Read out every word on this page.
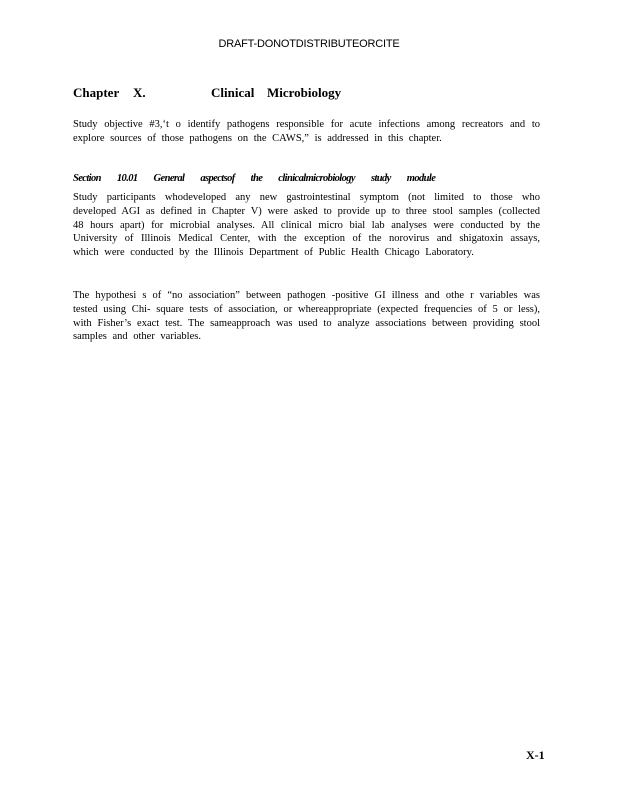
DRAFT-DONOTDISTRIBUTEORCITE
Chapter X.	Clinical Microbiology
Study objective #3,‘t o identify pathogens responsible for acute infections among recreators and to explore sources of those pathogens on the CAWS,” is addressed in this chapter.
Section 10.01 General aspectsof the clinicalmicrobiology study module
Study participants whodeveloped any new gastrointestinal symptom (not limited to those who developed AGI as defined in Chapter V) were asked to provide up to three stool samples (collected 48 hours apart) for microbial analyses. All clinical micro bial lab analyses were conducted by the University of Illinois Medical Center, with the exception of the norovirus and shigatoxin assays, which were conducted by the Illinois Department of Public Health Chicago Laboratory.
The hypothesi s of “no association” between pathogen -positive GI illness and othe r variables was tested using Chi- square tests of association, or whereappropriate (expected frequencies of 5 or less), with Fisher’s exact test. The sameapproach was used to analyze associations between providing stool samples and other variables.
X-1
